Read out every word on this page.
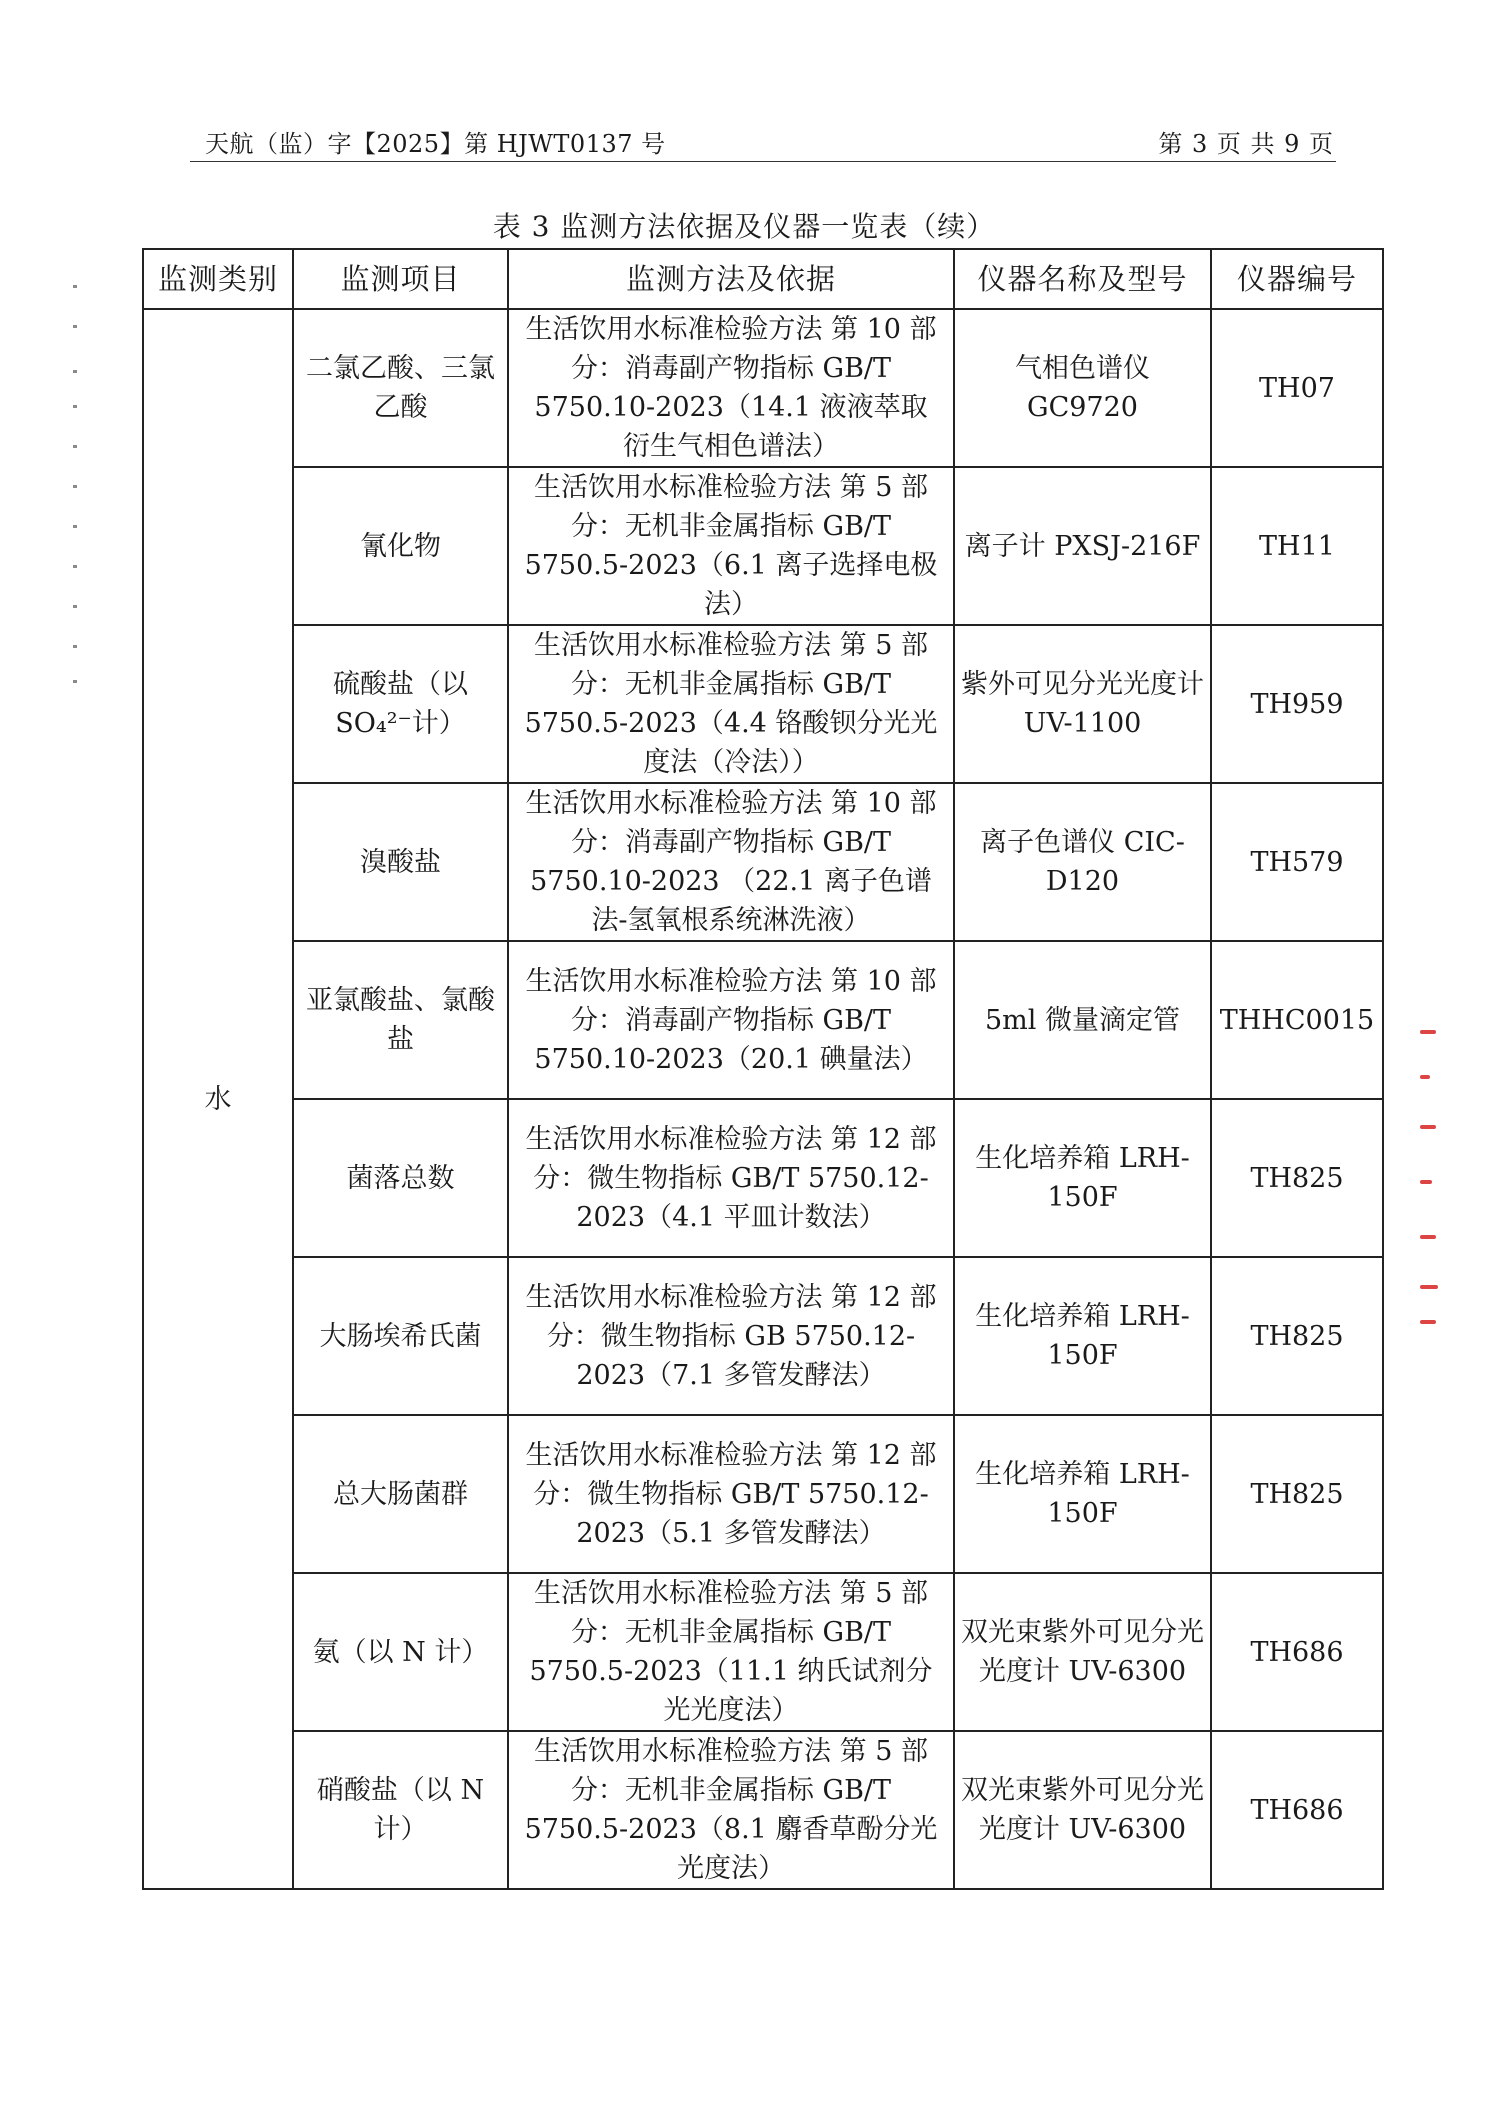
天航（监）字【2025】第 HJWT0137 号	第 3 页 共 9 页
表 3 监测方法依据及仪器一览表（续）
监测类别	监测项目	监测方法及依据	仪器名称及型号	仪器编号
水	二氯乙酸、三氯乙酸	生活饮用水标准检验方法 第 10 部分：消毒副产物指标 GB/T 5750.10-2023（14.1 液液萃取衍生气相色谱法）	气相色谱仪 GC9720	TH07
	氰化物	生活饮用水标准检验方法 第 5 部分：无机非金属指标 GB/T 5750.5-2023（6.1 离子选择电极法）	离子计 PXSJ-216F	TH11
	硫酸盐（以 SO₄²⁻计）	生活饮用水标准检验方法 第 5 部分：无机非金属指标 GB/T 5750.5-2023（4.4 铬酸钡分光光度法（冷法））	紫外可见分光光度计 UV-1100	TH959
	溴酸盐	生活饮用水标准检验方法 第 10 部分：消毒副产物指标 GB/T 5750.10-2023 （22.1 离子色谱法-氢氧根系统淋洗液）	离子色谱仪 CIC-D120	TH579
	亚氯酸盐、氯酸盐	生活饮用水标准检验方法 第 10 部分：消毒副产物指标 GB/T 5750.10-2023（20.1 碘量法）	5ml 微量滴定管	THHC0015
	菌落总数	生活饮用水标准检验方法 第 12 部分：微生物指标 GB/T 5750.12-2023（4.1 平皿计数法）	生化培养箱 LRH-150F	TH825
	大肠埃希氏菌	生活饮用水标准检验方法 第 12 部分：微生物指标 GB 5750.12-2023（7.1 多管发酵法）	生化培养箱 LRH-150F	TH825
	总大肠菌群	生活饮用水标准检验方法 第 12 部分：微生物指标 GB/T 5750.12-2023（5.1 多管发酵法）	生化培养箱 LRH-150F	TH825
	氨（以 N 计）	生活饮用水标准检验方法 第 5 部分：无机非金属指标 GB/T 5750.5-2023（11.1 纳氏试剂分光光度法）	双光束紫外可见分光光度计 UV-6300	TH686
	硝酸盐（以 N 计）	生活饮用水标准检验方法 第 5 部分：无机非金属指标 GB/T 5750.5-2023（8.1 麝香草酚分光光度法）	双光束紫外可见分光光度计 UV-6300	TH686
